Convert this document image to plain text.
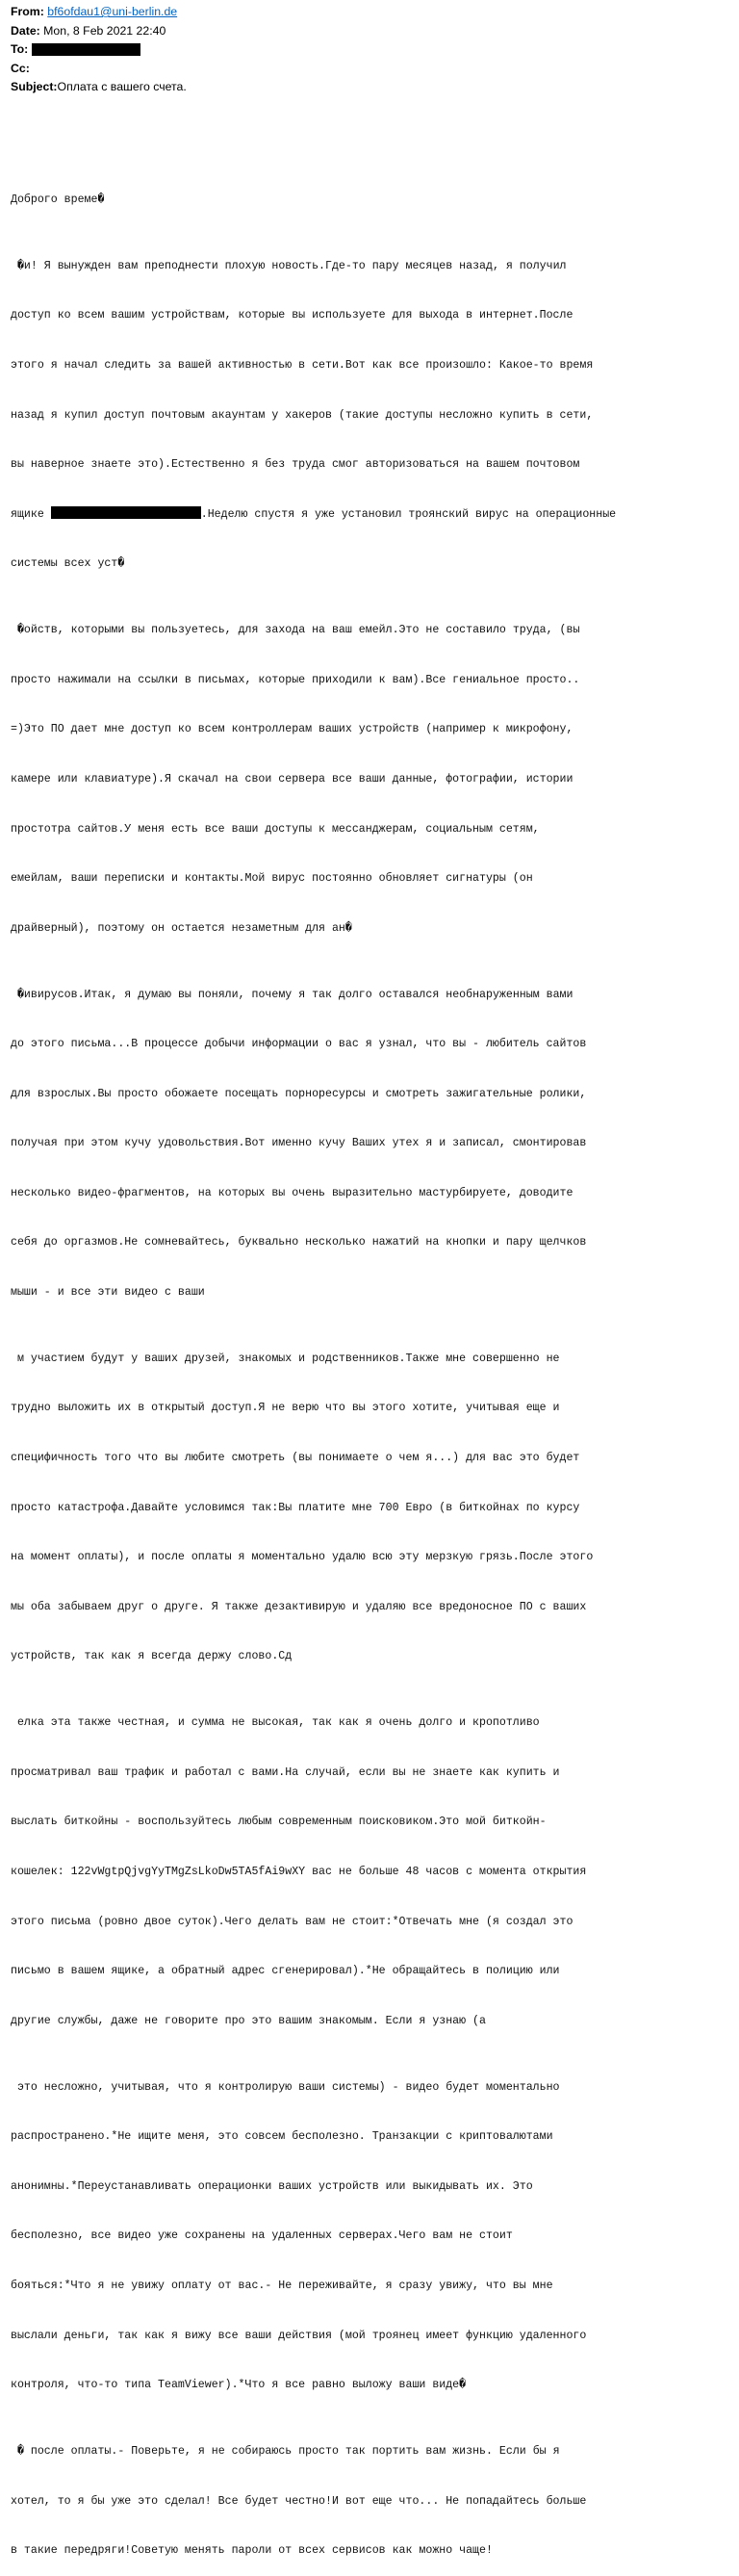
From: bf6ofdau1@uni-berlin.de
Date: Mon, 8 Feb 2021 22:40
To:
Cc:
Subject:Оплата с вашего счета.

Доброго време�

�и! Я вынужден вам преподнести плохую новость.Где-то пару месяцев назад, я получил

доступ ко всем вашим устройствам, которые вы используете для выхода в интернет.После

этого я начал следить за вашей активностью в сети.Вот как все произошло: Какое-то время

назад я купил доступ почтовым акаунтам у хакеров (такие доступы несложно купить в сети,

вы наверное знаете это).Естественно я без труда смог авторизоваться на вашем почтовом

ящике	.Неделю спустя я уже установил троянский вирус на операционные

системы всех уст�

�ойств, которыми вы пользуетесь, для захода на ваш емейл.Это не составило труда, (вы

просто нажимали на ссылки в письмах, которые приходили к вам).Все гениальное просто..

=)Это ПО дает мне доступ ко всем контроллерам ваших устройств (например к микрофону,

камере или клавиатуре).Я скачал на свои сервера все ваши данные, фотографии, истории

простотра сайтов.У меня есть все ваши доступы к мессанджерам, социальным сетям,

емейлам, ваши переписки и контакты.Мой вирус постоянно обновляет сигнатуры (он

драйверный), поэтому он остается незаметным для ан�

�ивирусов.Итак, я думаю вы поняли, почему я так долго оставался необнаруженным вами

до этого письма...В процессе добычи информации о вас я узнал, что вы - любитель сайтов

для взрослых.Вы просто обожаете посещать порноресурсы и смотреть зажигательные ролики,

получая при этом кучу удовольствия.Вот именно кучу Ваших утех я и записал, смонтировав

несколько видео-фрагментов, на которых вы очень выразительно мастурбируете, доводите

себя до оргазмов.Не сомневайтесь, буквально несколько нажатий на кнопки и пару щелчков

мыши - и все эти видео с ваши

м участием будут у ваших друзей, знакомых и родственников.Также мне совершенно не

трудно выложить их в открытый доступ.Я не верю что вы этого хотите, учитывая еще и

специфичность того что вы любите смотреть (вы понимаете о чем я...) для вас это будет

просто катастрофа.Давайте условимся так:Вы платите мне 700 Евро (в биткойнах по курсу

на момент оплаты), и после оплаты я моментально удалю всю эту мерзкую грязь.После этого

мы оба забываем друг о друге. Я также дезактивирую и удаляю все вредоносное ПО с ваших

устройств, так как я всегда держу слово.Сд

елка эта также честная, и сумма не высокая, так как я очень долго и кропотливо

просматривал ваш трафик и работал с вами.На случай, если вы не знаете как купить и

выслать биткойны - воспользуйтесь любым современным поисковиком.Это мой биткойн-

кошелек: 122vWgtpQjvgYyTMgZsLkoDw5TA5fAi9wXY вас не больше 48 часов с момента открытия

этого письма (ровно двое суток).Чего делать вам не стоит:*Отвечать мне (я создал это

письмо в вашем ящике, а обратный адрес сгенерировал).*Не обращайтесь в полицию или

другие службы, даже не говорите про это вашим знакомым. Если я узнаю (а

это несложно, учитывая, что я контролирую ваши системы) - видео будет моментально

распространено.*Не ищите меня, это совсем бесполезно. Транзакции с криптовалютами

анонимны.*Переустанавливать операционки ваших устройств или выкидывать их. Это

бесполезно, все видео уже сохранены на удаленных серверах.Чего вам не стоит

бояться:*Что я не увижу оплату от вас.- Не переживайте, я сразу увижу, что вы мне

выслали деньги, так как я вижу все ваши действия (мой троянец имеет функцию удаленного

контроля, что-то типа TeamViewer).*Что я все равно выложу ваши виде�

� после оплаты.- Поверьте, я не собираюсь просто так портить вам жизнь. Если бы я

хотел, то я бы уже это сделал! Все будет честно!И вот еще что... Не попадайтесь больше

в такие передряги!Советую менять пароли от всех сервисов как можно чаще!
